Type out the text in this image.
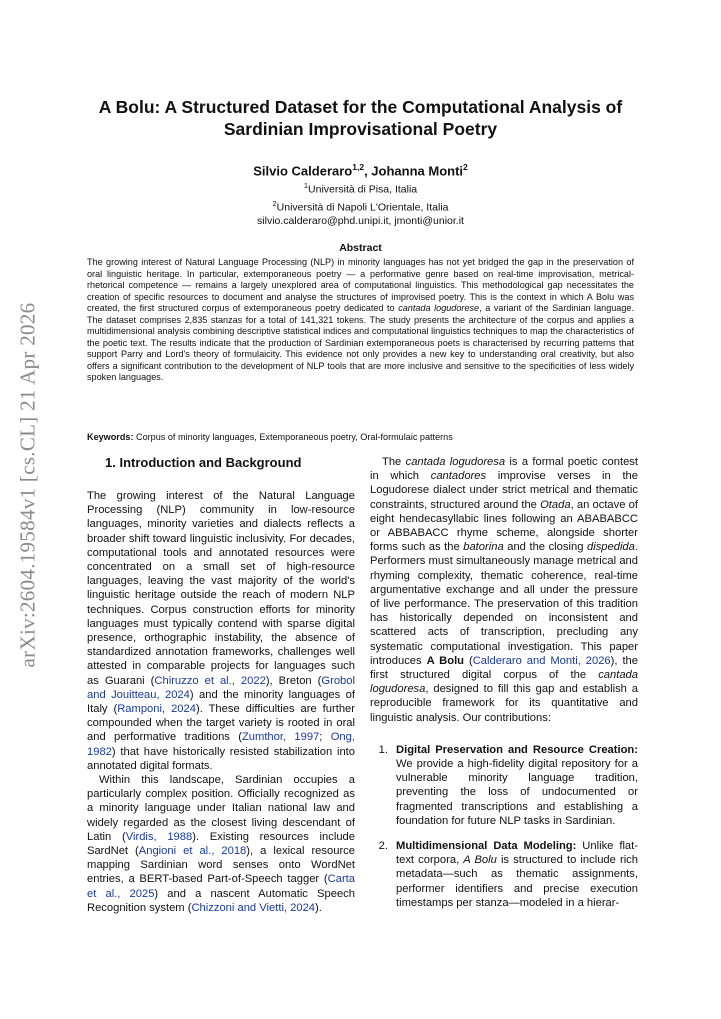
arXiv:2604.19584v1 [cs.CL] 21 Apr 2026
A Bolu: A Structured Dataset for the Computational Analysis of Sardinian Improvisational Poetry
Silvio Calderaro$^{1,2}$, Johanna Monti$^2$
$^1$Università di Pisa, Italia
$^2$Università di Napoli L'Orientale, Italia
silvio.calderaro@phd.unipi.it, jmonti@unior.it
Abstract
The growing interest of Natural Language Processing (NLP) in minority languages has not yet bridged the gap in the preservation of oral linguistic heritage. In particular, extemporaneous poetry — a performative genre based on real-time improvisation, metrical-rhetorical competence — remains a largely unexplored area of computational linguistics. This methodological gap necessitates the creation of specific resources to document and analyse the structures of improvised poetry. This is the context in which A Bolu was created, the first structured corpus of extemporaneous poetry dedicated to cantada logudorese, a variant of the Sardinian language. The dataset comprises 2,835 stanzas for a total of 141,321 tokens. The study presents the architecture of the corpus and applies a multidimensional analysis combining descriptive statistical indices and computational linguistics techniques to map the characteristics of the poetic text. The results indicate that the production of Sardinian extemporaneous poets is characterised by recurring patterns that support Parry and Lord's theory of formulaicity. This evidence not only provides a new key to understanding oral creativity, but also offers a significant contribution to the development of NLP tools that are more inclusive and sensitive to the specificities of less widely spoken languages.
Keywords: Corpus of minority languages, Extemporaneous poetry, Oral-formulaic patterns
1. Introduction and Background

The growing interest of the Natural Language Processing (NLP) community in low-resource languages, minority varieties and dialects reflects a broader shift toward linguistic inclusivity. For decades, computational tools and annotated resources were concentrated on a small set of high-resource languages, leaving the vast majority of the world's linguistic heritage outside the reach of modern NLP techniques. Corpus construction efforts for minority languages must typically contend with sparse digital presence, orthographic instability, the absence of standardized annotation frameworks, challenges well attested in comparable projects for languages such as Guarani (Chiruzzo et al., 2022), Breton (Grobol and Jouitteau, 2024) and the minority languages of Italy (Ramponi, 2024). These difficulties are further compounded when the target variety is rooted in oral and performative traditions (Zumthor, 1997; Ong, 1982) that have historically resisted stabilization into annotated digital formats.

Within this landscape, Sardinian occupies a particularly complex position. Officially recognized as a minority language under Italian national law and widely regarded as the closest living descendant of Latin (Virdis, 1988). Existing resources include SardNet (Angioni et al., 2018), a lexical resource mapping Sardinian word senses onto WordNet entries, a BERT-based Part-of-Speech tagger (Carta et al., 2025) and a nascent Automatic Speech Recognition system (Chizzoni and Vietti, 2024).

The cantada logudoresa is a formal poetic contest in which cantadores improvise verses in the Logudorese dialect under strict metrical and thematic constraints, structured around the Otada, an octave of eight hendecasyllabic lines following an ABABABCC or ABBABACC rhyme scheme, alongside shorter forms such as the batorina and the closing dispedida. Performers must simultaneously manage metrical and rhyming complexity, thematic coherence, real-time argumentative exchange and all under the pressure of live performance. The preservation of this tradition has historically depended on inconsistent and scattered acts of transcription, precluding any systematic computational investigation. This paper introduces A Bolu (Calderaro and Monti, 2026), the first structured digital corpus of the cantada logudoresa, designed to fill this gap and establish a reproducible framework for its quantitative and linguistic analysis. Our contributions:

1. Digital Preservation and Resource Creation: We provide a high-fidelity digital repository for a vulnerable minority language tradition, preventing the loss of undocumented or fragmented transcriptions and establishing a foundation for future NLP tasks in Sardinian.
2. Multidimensional Data Modeling: Unlike flat-text corpora, A Bolu is structured to include rich metadata—such as thematic assignments, performer identifiers and precise execution timestamps per stanza—modeled in a hierar-
